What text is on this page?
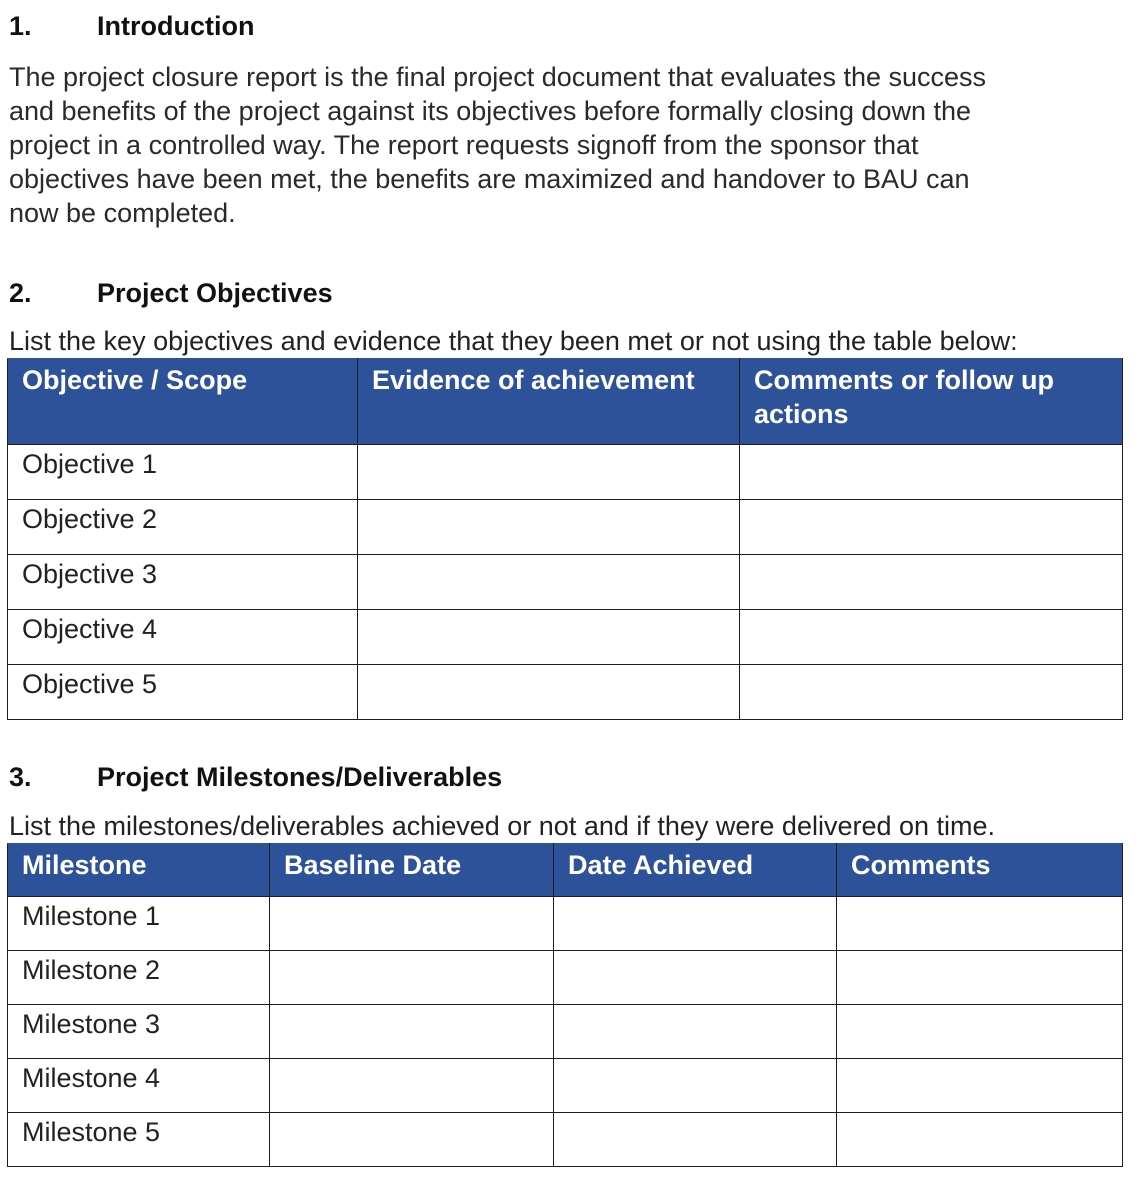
1. Introduction
The project closure report is the final project document that evaluates the success
and benefits of the project against its objectives before formally closing down the
project in a controlled way. The report requests signoff from the sponsor that
objectives have been met, the benefits are maximized and handover to BAU can
now be completed.
2. Project Objectives
List the key objectives and evidence that they been met or not using the table below:
Objective / Scope	Evidence of achievement	Comments or follow up actions
Objective 1		
Objective 2		
Objective 3		
Objective 4		
Objective 5		
3. Project Milestones/Deliverables
List the milestones/deliverables achieved or not and if they were delivered on time.
Milestone	Baseline Date	Date Achieved	Comments
Milestone 1			
Milestone 2			
Milestone 3			
Milestone 4			
Milestone 5			
